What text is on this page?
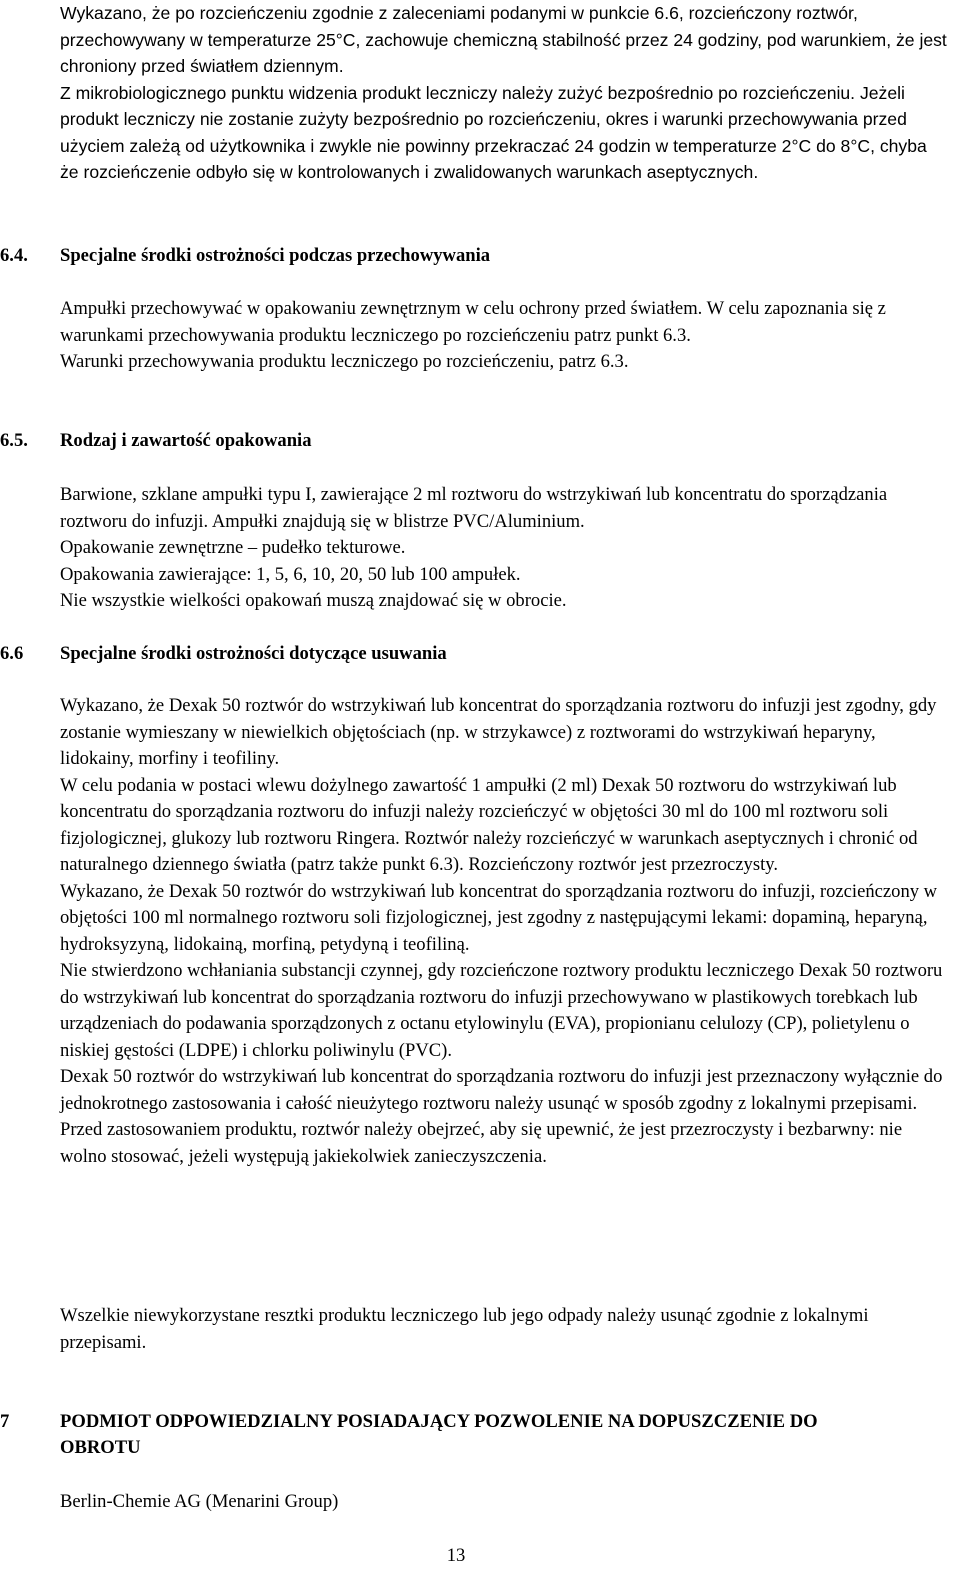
Wykazano, że po rozcieńczeniu zgodnie z zaleceniami podanymi w punkcie 6.6, rozcieńczony roztwór, przechowywany w temperaturze 25°C, zachowuje chemiczną stabilność przez 24 godziny, pod warunkiem, że jest chroniony przed światłem dziennym.

Z mikrobiologicznego punktu widzenia produkt leczniczy należy zużyć bezpośrednio po rozcieńczeniu. Jeżeli produkt leczniczy nie zostanie zużyty bezpośrednio po rozcieńczeniu, okres i warunki przechowywania przed użyciem zależą od użytkownika i zwykle nie powinny przekraczać 24 godzin w temperaturze 2°C do 8°C, chyba że rozcieńczenie odbyło się w kontrolowanych i zwalidowanych warunkach aseptycznych.

6.4. Specjalne środki ostrożności podczas przechowywania

Ampułki przechowywać w opakowaniu zewnętrznym w celu ochrony przed światłem. W celu zapoznania się z warunkami przechowywania produktu leczniczego po rozcieńczeniu patrz punkt 6.3.

Warunki przechowywania produktu leczniczego po rozcieńczeniu, patrz 6.3.

6.5. Rodzaj i zawartość opakowania

Barwione, szklane ampułki typu I, zawierające 2 ml roztworu do wstrzykiwań lub koncentratu do sporządzania roztworu do infuzji. Ampułki znajdują się w blistrze PVC/Aluminium.

Opakowanie zewnętrzne – pudełko tekturowe.

Opakowania zawierające: 1, 5, 6, 10, 20, 50 lub 100 ampułek.

Nie wszystkie wielkości opakowań muszą znajdować się w obrocie.

6.6 Specjalne środki ostrożności dotyczące usuwania

Wykazano, że Dexak 50 roztwór do wstrzykiwań lub koncentrat do sporządzania roztworu do infuzji jest zgodny, gdy zostanie wymieszany w niewielkich objętościach (np. w strzykawce) z roztworami do wstrzykiwań heparyny, lidokainy, morfiny i teofiliny.

W celu podania w postaci wlewu dożylnego zawartość 1 ampułki (2 ml) Dexak 50 roztworu do wstrzykiwań lub koncentratu do sporządzania roztworu do infuzji należy rozcieńczyć w objętości 30 ml do 100 ml roztworu soli fizjologicznej, glukozy lub roztworu Ringera. Roztwór należy rozcieńczyć w warunkach aseptycznych i chronić od naturalnego dziennego światła (patrz także punkt 6.3). Rozcieńczony roztwór jest przezroczysty.

Wykazano, że Dexak 50 roztwór do wstrzykiwań lub koncentrat do sporządzania roztworu do infuzji, rozcieńczony w objętości 100 ml normalnego roztworu soli fizjologicznej, jest zgodny z następującymi lekami: dopaminą, heparyną, hydroksyzyną, lidokainą, morfiną, petydyną i teofiliną.

Nie stwierdzono wchłaniania substancji czynnej, gdy rozcieńczone roztwory produktu leczniczego Dexak 50 roztworu do wstrzykiwań lub koncentrat do sporządzania roztworu do infuzji przechowywano w plastikowych torebkach lub urządzeniach do podawania sporządzonych z octanu etylowinylu (EVA), propionianu celulozy (CP), polietylenu o niskiej gęstości (LDPE) i chlorku poliwinylu (PVC).

Dexak 50 roztwór do wstrzykiwań lub koncentrat do sporządzania roztworu do infuzji jest przeznaczony wyłącznie do jednokrotnego zastosowania i całość nieużytego roztworu należy usunąć w sposób zgodny z lokalnymi przepisami. Przed zastosowaniem produktu, roztwór należy obejrzeć, aby się upewnić, że jest przezroczysty i bezbarwny: nie wolno stosować, jeżeli występują jakiekolwiek zanieczyszczenia.

Wszelkie niewykorzystane resztki produktu leczniczego lub jego odpady należy usunąć zgodnie z lokalnymi przepisami.

7	PODMIOT ODPOWIEDZIALNY POSIADAJĄCY POZWOLENIE NA DOPUSZCZENIE DO OBROTU

Berlin-Chemie AG (Menarini Group)

13
